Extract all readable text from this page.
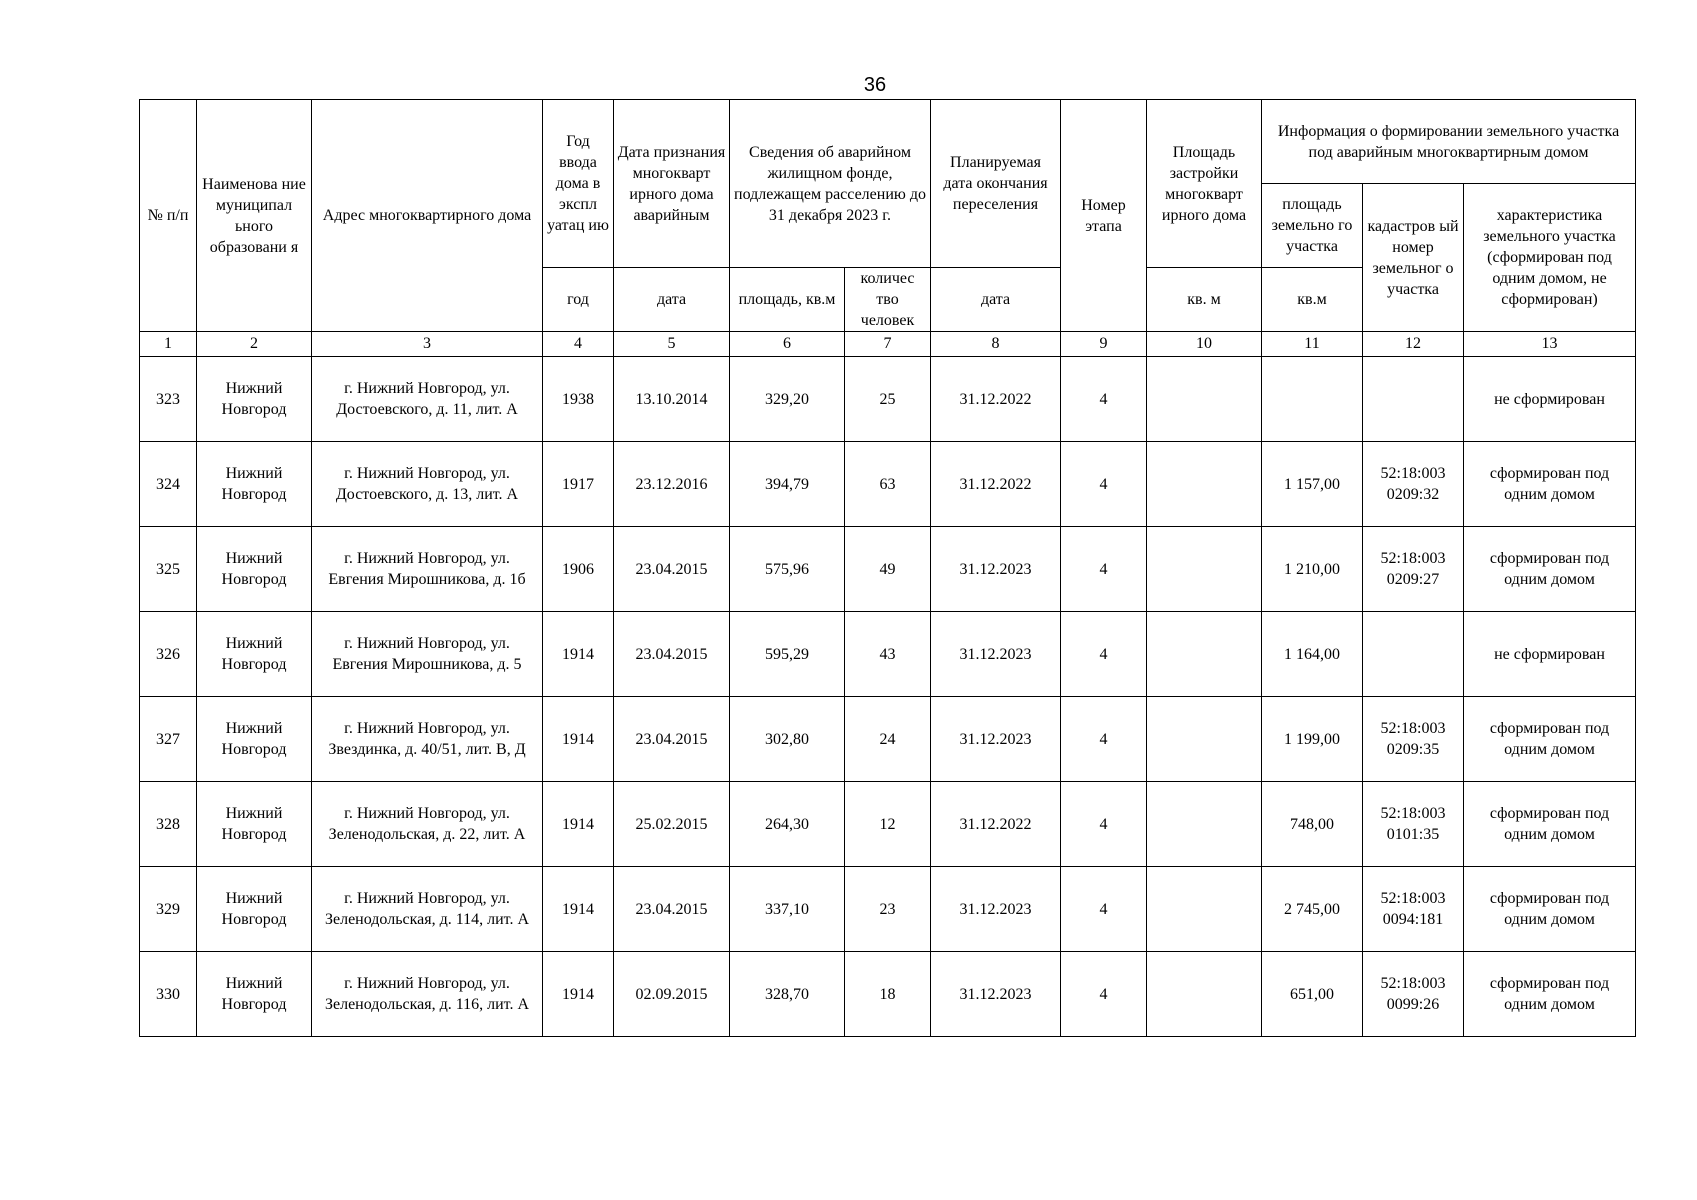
36
№ п/п	Наименова ние муниципал ьного образовани я	Адрес многоквартирного дома	Год ввода дома в экспл уатац ию	Дата признания многокварт ирного дома аварийным	Сведения об аварийном жилищном фонде, подлежащем расселению до 31 декабря 2023 г.		Планируемая дата окончания переселения	Номер этапа	Площадь застройки многокварт ирного дома	Информация о формировании земельного участка под аварийным многоквартирным домом		
										площадь земельно го участка	кадастров ый номер земельног о участка	характеристика земельного участка (сформирован под одним домом, не сформирован)
			год	дата	площадь, кв.м	количес тво человек	дата		кв. м	кв.м		
1	2	3	4	5	6	7	8	9	10	11	12	13
323	Нижний Новгород	г. Нижний Новгород, ул. Достоевского, д. 11, лит. А	1938	13.10.2014	329,20	25	31.12.2022	4				не сформирован
324	Нижний Новгород	г. Нижний Новгород, ул. Достоевского, д. 13, лит. А	1917	23.12.2016	394,79	63	31.12.2022	4		1 157,00	52:18:003 0209:32	сформирован под одним домом
325	Нижний Новгород	г. Нижний Новгород, ул. Евгения Мирошникова, д. 1б	1906	23.04.2015	575,96	49	31.12.2023	4		1 210,00	52:18:003 0209:27	сформирован под одним домом
326	Нижний Новгород	г. Нижний Новгород, ул. Евгения Мирошникова, д. 5	1914	23.04.2015	595,29	43	31.12.2023	4		1 164,00		не сформирован
327	Нижний Новгород	г. Нижний Новгород, ул. Звездинка, д. 40/51, лит. В, Д	1914	23.04.2015	302,80	24	31.12.2023	4		1 199,00	52:18:003 0209:35	сформирован под одним домом
328	Нижний Новгород	г. Нижний Новгород, ул. Зеленодольская, д. 22, лит. А	1914	25.02.2015	264,30	12	31.12.2022	4		748,00	52:18:003 0101:35	сформирован под одним домом
329	Нижний Новгород	г. Нижний Новгород, ул. Зеленодольская, д. 114, лит. А	1914	23.04.2015	337,10	23	31.12.2023	4		2 745,00	52:18:003 0094:181	сформирован под одним домом
330	Нижний Новгород	г. Нижний Новгород, ул. Зеленодольская, д. 116, лит. А	1914	02.09.2015	328,70	18	31.12.2023	4		651,00	52:18:003 0099:26	сформирован под одним домом
